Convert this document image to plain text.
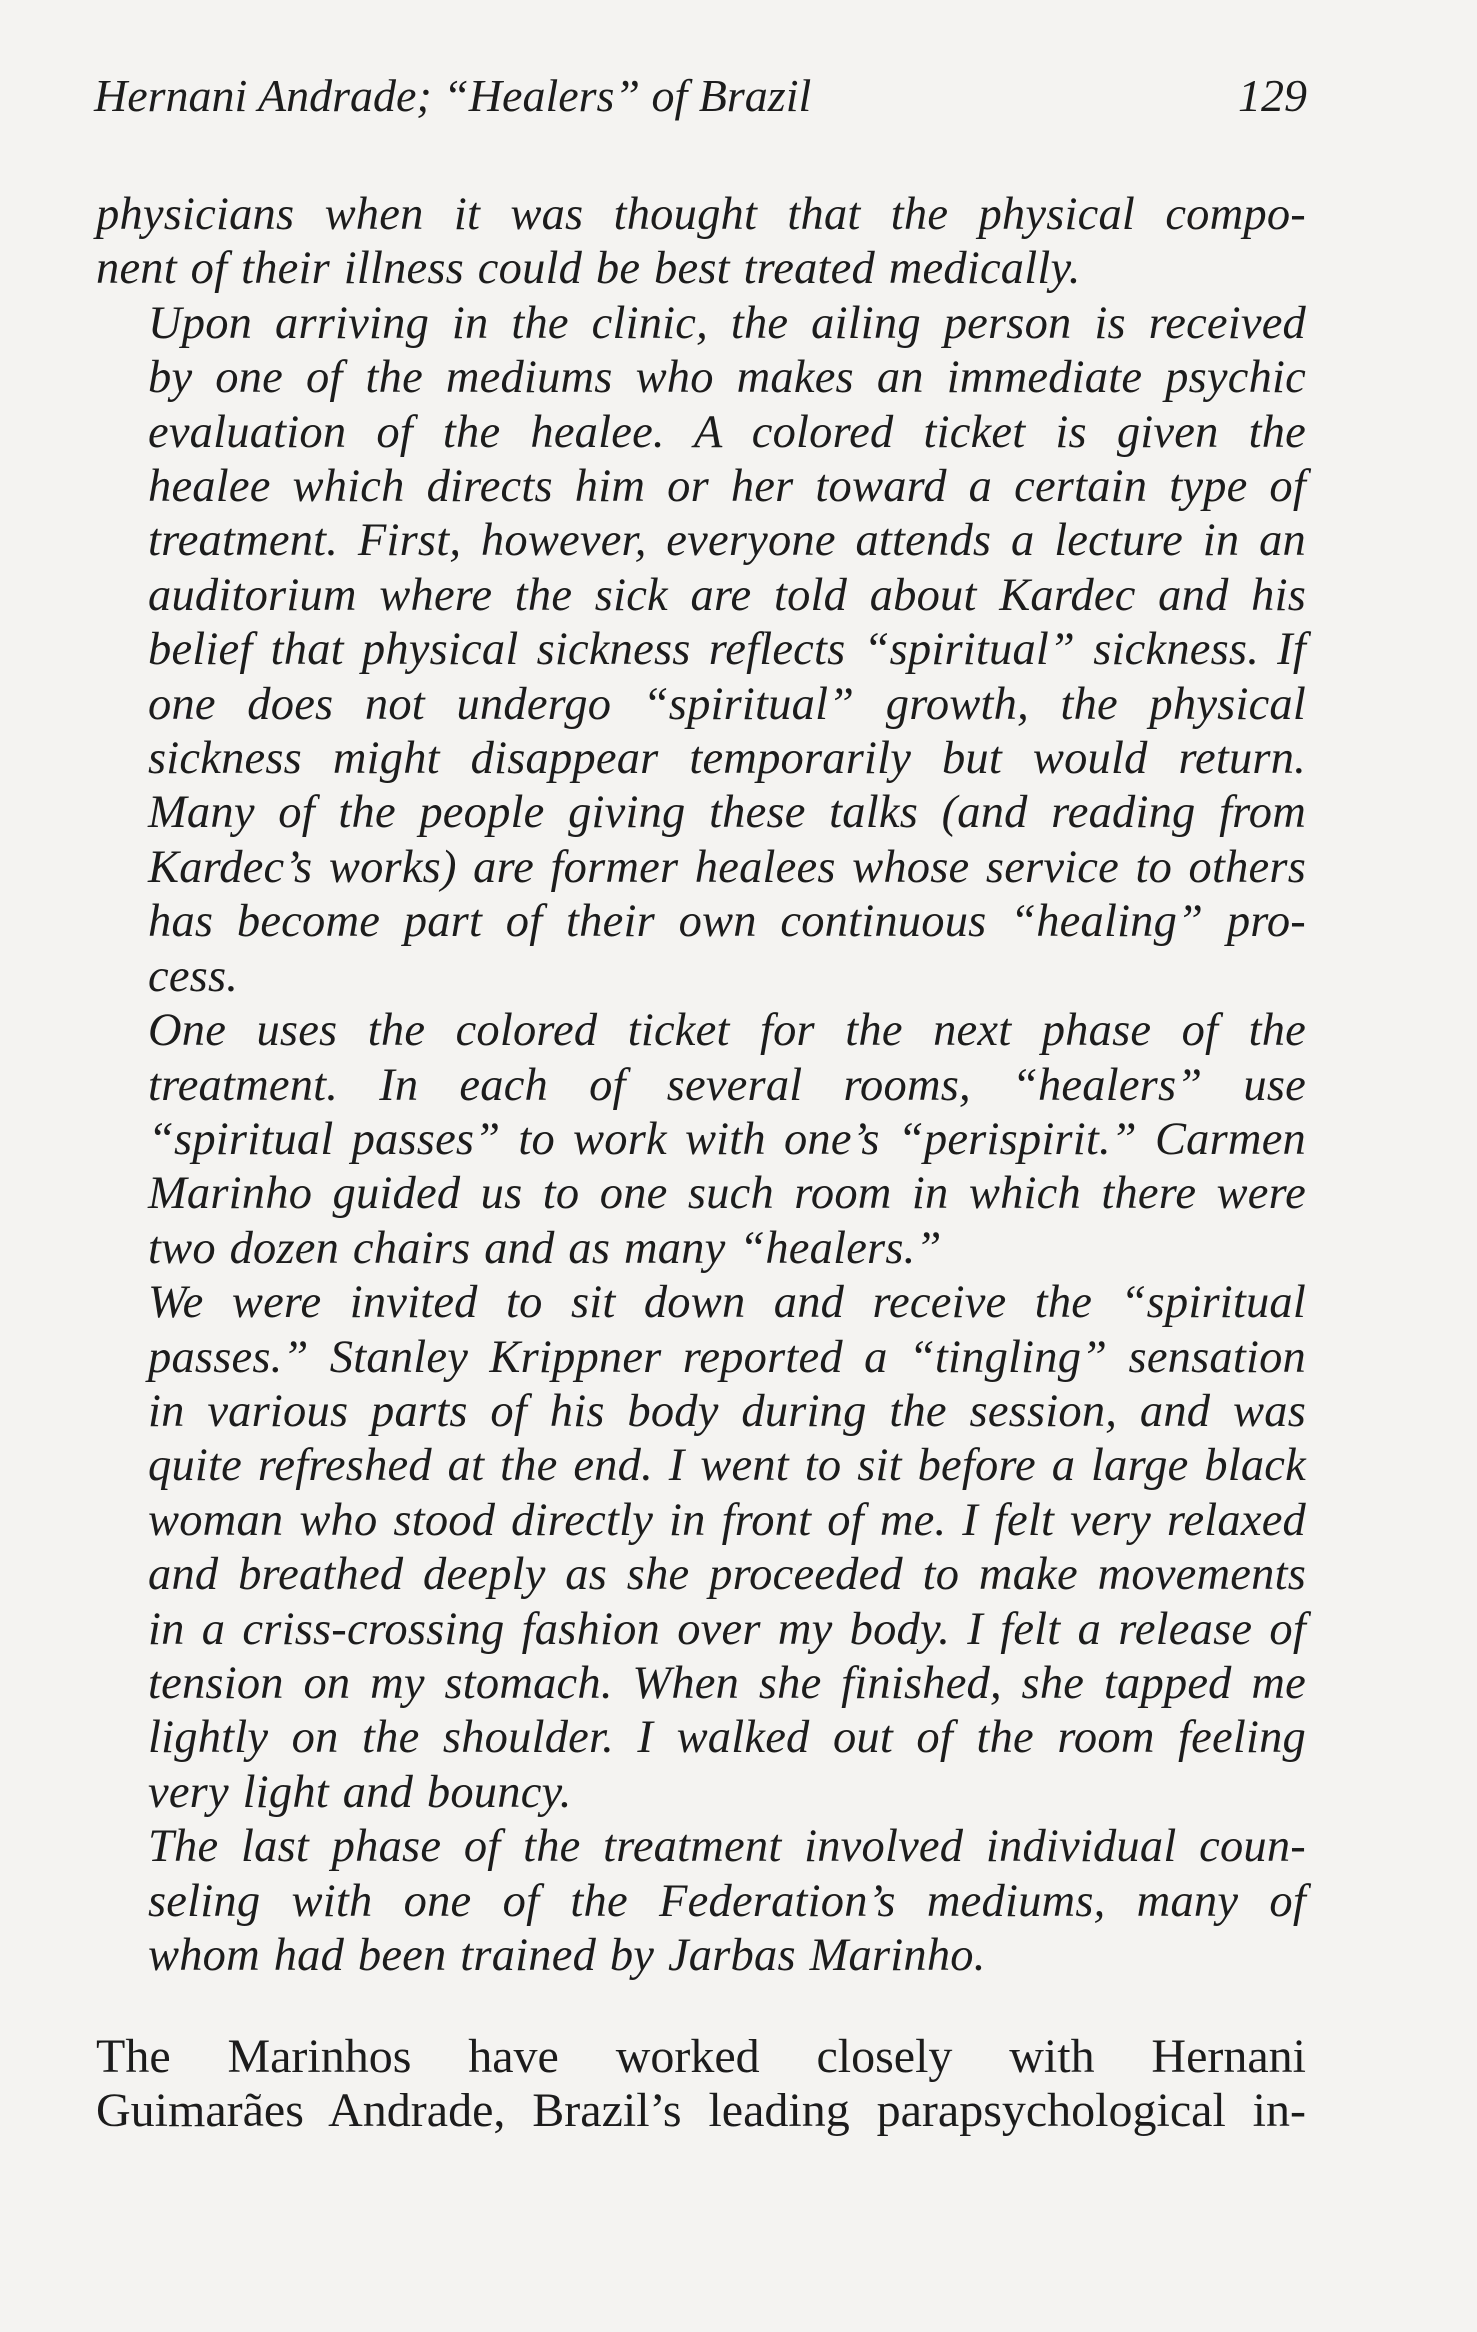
Hernani Andrade; “Healers” of Brazil	129

physicians when it was thought that the physical compo-
nent of their illness could be best treated medically.

Upon arriving in the clinic, the ailing person is received
by one of the mediums who makes an immediate psychic
evaluation of the healee. A colored ticket is given the
healee which directs him or her toward a certain type of
treatment. First, however, everyone attends a lecture in an
auditorium where the sick are told about Kardec and his
belief that physical sickness reflects “spiritual” sickness. If
one does not undergo “spiritual” growth, the physical
sickness might disappear temporarily but would return.
Many of the people giving these talks (and reading from
Kardec’s works) are former healees whose service to others
has become part of their own continuous “healing” pro-
cess.

One uses the colored ticket for the next phase of the
treatment. In each of several rooms, “healers” use
“spiritual passes” to work with one’s “perispirit.” Carmen
Marinho guided us to one such room in which there were
two dozen chairs and as many “healers.”

We were invited to sit down and receive the “spiritual
passes.” Stanley Krippner reported a “tingling” sensation
in various parts of his body during the session, and was
quite refreshed at the end. I went to sit before a large black
woman who stood directly in front of me. I felt very relaxed
and breathed deeply as she proceeded to make movements
in a criss-crossing fashion over my body. I felt a release of
tension on my stomach. When she finished, she tapped me
lightly on the shoulder. I walked out of the room feeling
very light and bouncy.

The last phase of the treatment involved individual coun-
seling with one of the Federation’s mediums, many of
whom had been trained by Jarbas Marinho.

The Marinhos have worked closely with Hernani
Guimarães Andrade, Brazil’s leading parapsychological in-
